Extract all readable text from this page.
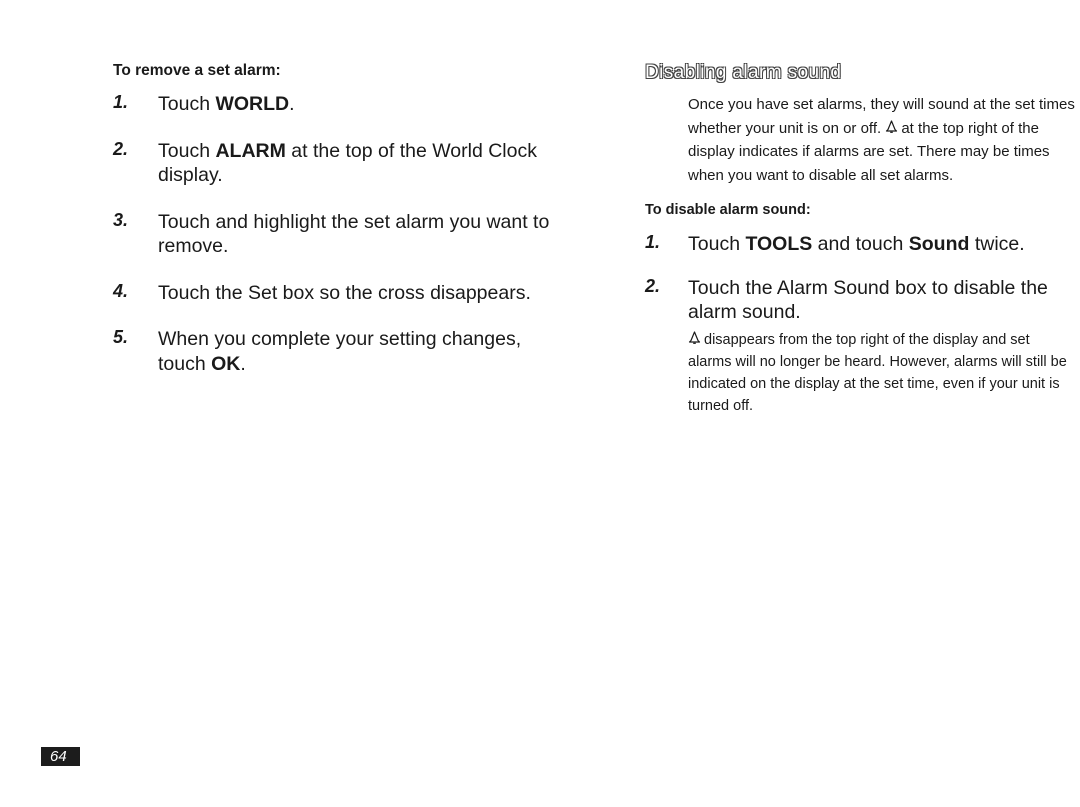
To remove a set alarm:

1. Touch WORLD.
2. Touch ALARM at the top of the World Clock display.
3. Touch and highlight the set alarm you want to remove.
4. Touch the Set box so the cross disappears.
5. When you complete your setting changes, touch OK.
Disabling alarm sound

Once you have set alarms, they will sound at the set times whether your unit is on or off. at the top right of the display indicates if alarms are set. There may be times when you want to disable all set alarms.

To disable alarm sound:

1. Touch TOOLS and touch Sound twice.
2. Touch the Alarm Sound box to disable the alarm sound.
disappears from the top right of the display and set alarms will no longer be heard. However, alarms will still be indicated on the display at the set time, even if your unit is turned off.
64
